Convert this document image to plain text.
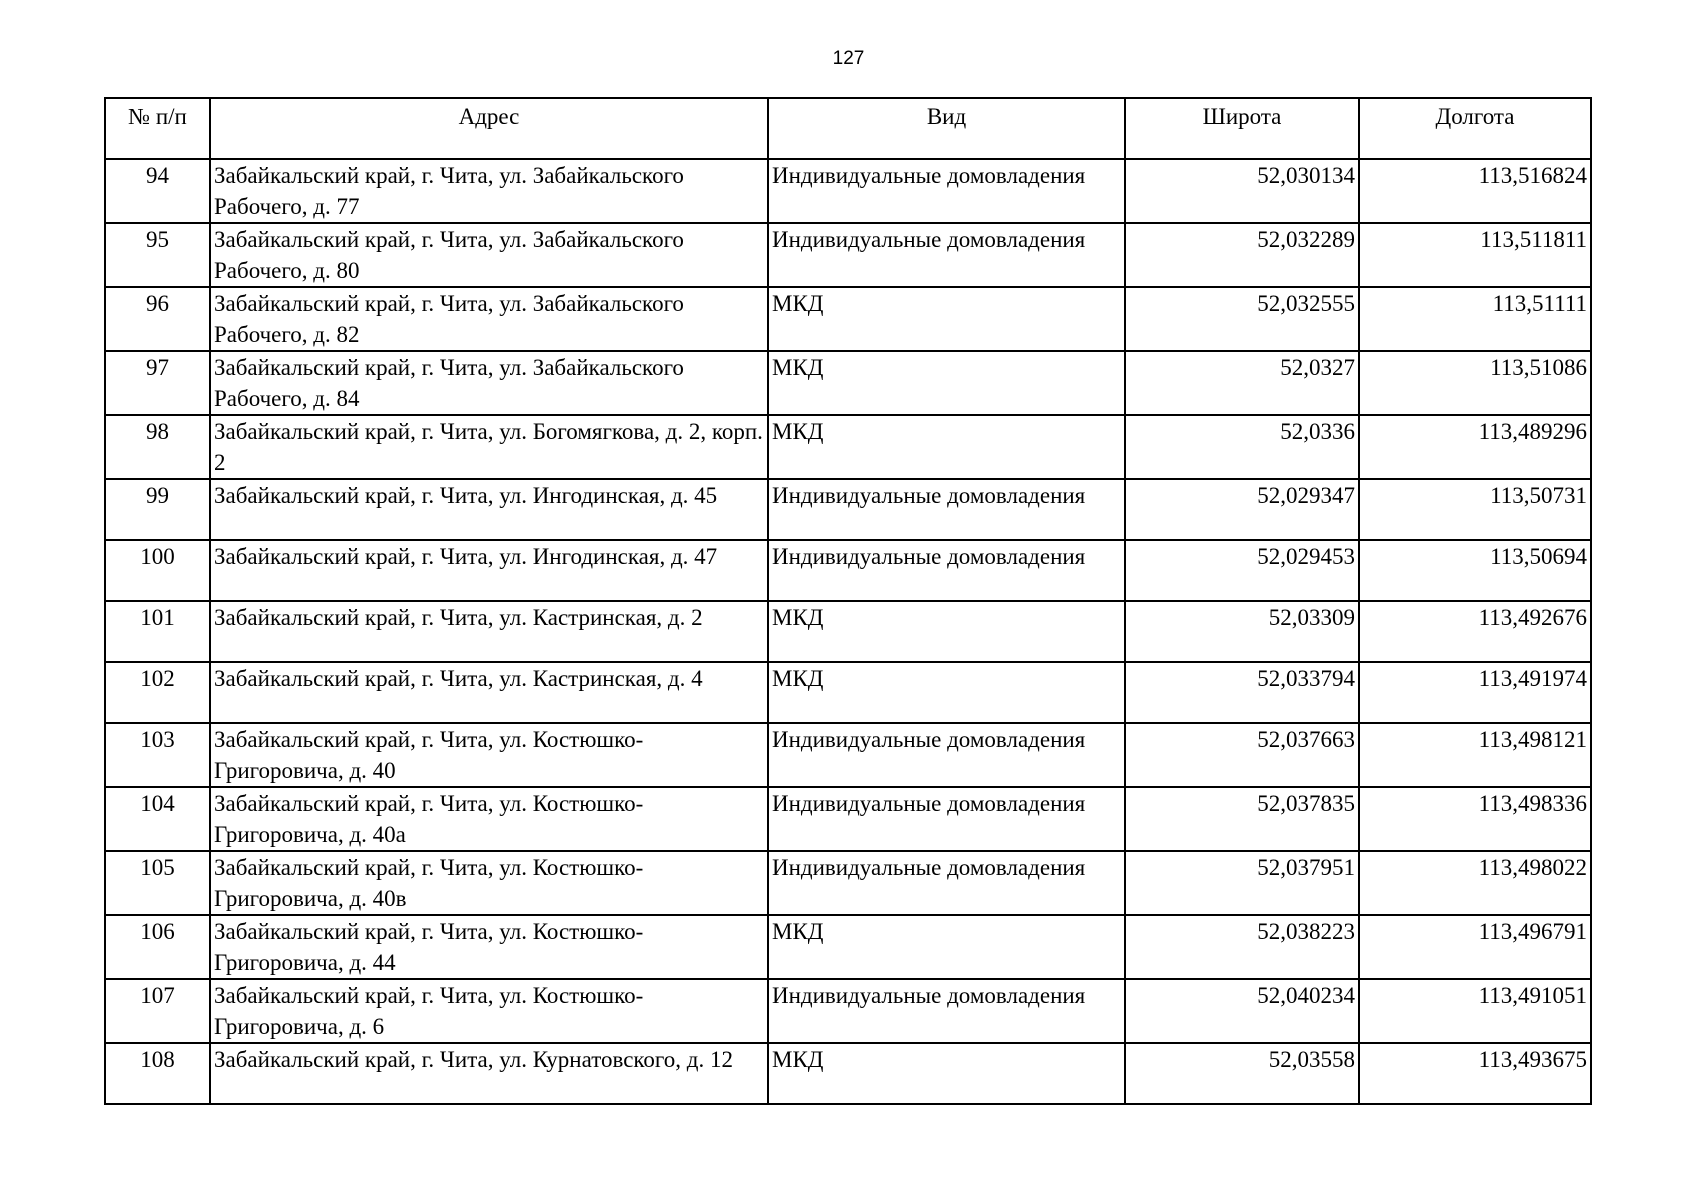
127
№ п/п	Адрес	Вид	Широта	Долгота
94	Забайкальский край, г. Чита, ул. Забайкальского Рабочего, д. 77	Индивидуальные домовладения	52,030134	113,516824
95	Забайкальский край, г. Чита, ул. Забайкальского Рабочего, д. 80	Индивидуальные домовладения	52,032289	113,511811
96	Забайкальский край, г. Чита, ул. Забайкальского Рабочего, д. 82	МКД	52,032555	113,51111
97	Забайкальский край, г. Чита, ул. Забайкальского Рабочего, д. 84	МКД	52,0327	113,51086
98	Забайкальский край, г. Чита, ул. Богомягкова, д. 2, корп. 2	МКД	52,0336	113,489296
99	Забайкальский край, г. Чита, ул. Ингодинская, д. 45	Индивидуальные домовладения	52,029347	113,50731
100	Забайкальский край, г. Чита, ул. Ингодинская, д. 47	Индивидуальные домовладения	52,029453	113,50694
101	Забайкальский край, г. Чита, ул. Кастринская, д. 2	МКД	52,03309	113,492676
102	Забайкальский край, г. Чита, ул. Кастринская, д. 4	МКД	52,033794	113,491974
103	Забайкальский край, г. Чита, ул. Костюшко-Григоровича, д. 40	Индивидуальные домовладения	52,037663	113,498121
104	Забайкальский край, г. Чита, ул. Костюшко-Григоровича, д. 40а	Индивидуальные домовладения	52,037835	113,498336
105	Забайкальский край, г. Чита, ул. Костюшко-Григоровича, д. 40в	Индивидуальные домовладения	52,037951	113,498022
106	Забайкальский край, г. Чита, ул. Костюшко-Григоровича, д. 44	МКД	52,038223	113,496791
107	Забайкальский край, г. Чита, ул. Костюшко-Григоровича, д. 6	Индивидуальные домовладения	52,040234	113,491051
108	Забайкальский край, г. Чита, ул. Курнатовского, д. 12	МКД	52,03558	113,493675
